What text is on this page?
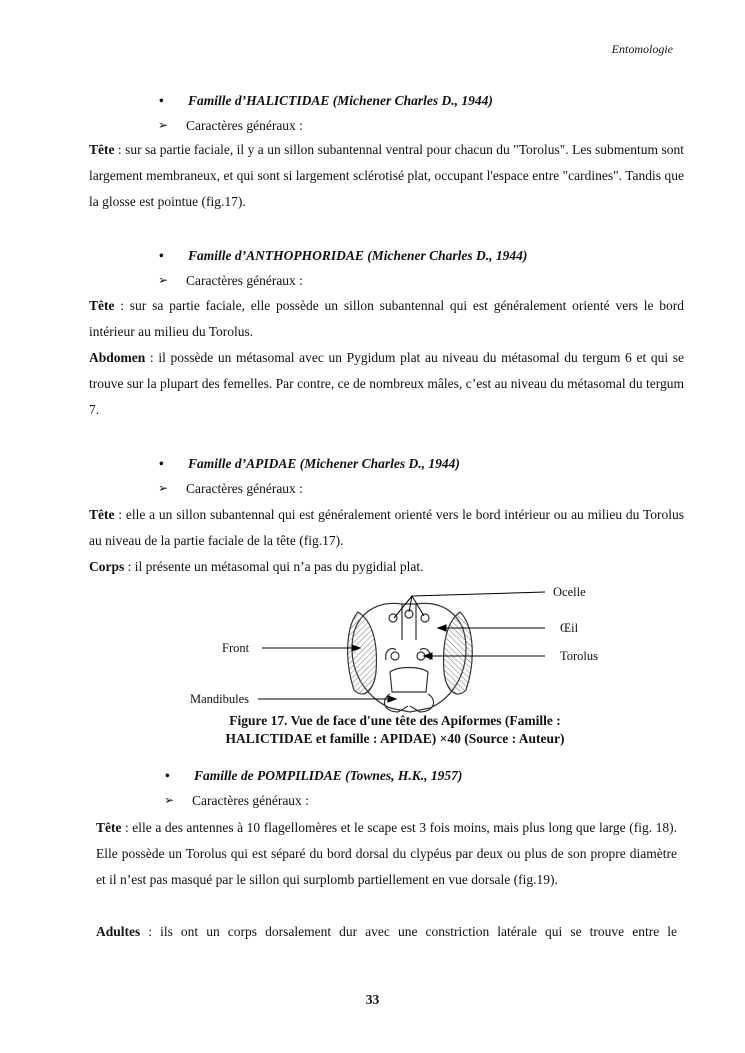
Entomologie
• Famille d’HALICTIDAE (Michener Charles D., 1944)
➢ Caractères généraux :
Tête : sur sa partie faciale, il y a un sillon subantennal ventral pour chacun du "Torolus". Les submentum sont largement membraneux, et qui sont si largement sclérotisé plat, occupant l'espace entre "cardines". Tandis que la glosse est pointue (fig.17).
• Famille d’ANTHOPHORIDAE (Michener Charles D., 1944)
➢ Caractères généraux :
Tête : sur sa partie faciale, elle possède un sillon subantennal qui est généralement orienté vers le bord intérieur au milieu du Torolus.
Abdomen : il possède un métasomal avec un Pygidum plat au niveau du métasomal du tergum 6 et qui se trouve sur la plupart des femelles. Par contre, ce de nombreux mâles, c’est au niveau du métasomal du tergum 7.
• Famille d’APIDAE (Michener Charles D., 1944)
➢ Caractères généraux :
Tête : elle a un sillon subantennal qui est généralement orienté vers le bord intérieur ou au milieu du Torolus au niveau de la partie faciale de la tête (fig.17).
Corps : il présente un métasomal qui n’a pas du pygidial plat.
Ocelle
Œil
Torolus
Front
Mandibules
Figure 17. Vue de face d'une tête des Apiformes (Famille :
HALICTIDAE et famille : APIDAE) ×40 (Source : Auteur)
• Famille de POMPILIDAE (Townes, H.K., 1957)
➢ Caractères généraux :
Tête : elle a des antennes à 10 flagellomères et le scape est 3 fois moins, mais plus long que large (fig. 18). Elle possède un Torolus qui est séparé du bord dorsal du clypéus par deux ou plus de son propre diamètre et il n’est pas masqué par le sillon qui surplomb partiellement en vue dorsale (fig.19).
Adultes : ils ont un corps dorsalement dur avec une constriction latérale qui se trouve entre le
33
